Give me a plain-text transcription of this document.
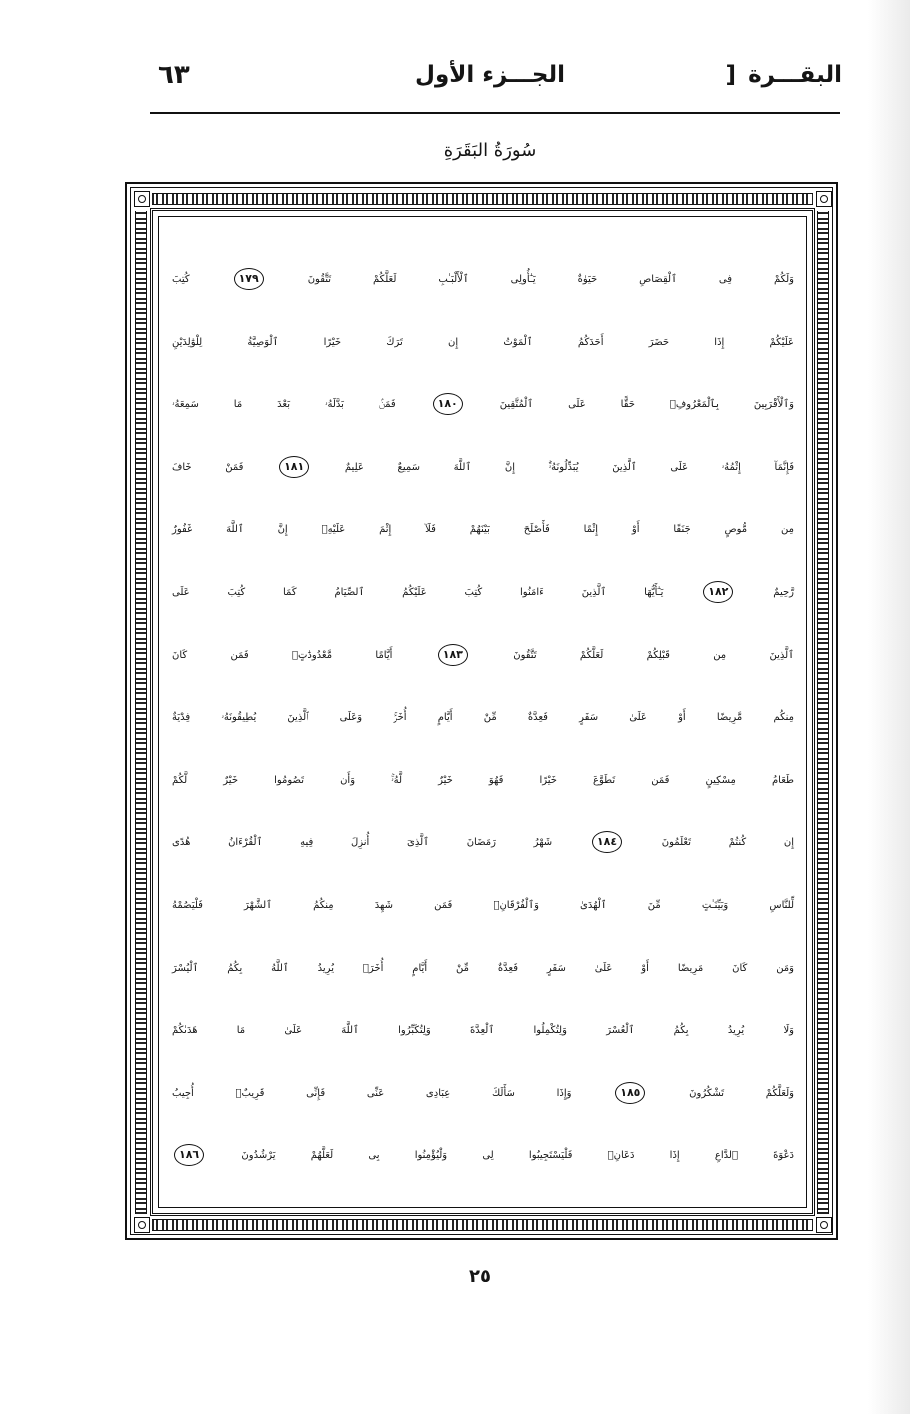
البقـــرة]
الجـــزء الأول
٦٣
سُورَةُ البَقَرَةِ
وَلَكُمْ فِى ٱلْقِصَاصِ حَيَوٰةٌ يَـٰٓأُولِى ٱلْأَلْبَـٰبِ لَعَلَّكُمْ تَتَّقُونَ ١٧٩ كُتِبَ
عَلَيْكُمْ إِذَا حَضَرَ أَحَدَكُمُ ٱلْمَوْتُ إِن تَرَكَ خَيْرًا ٱلْوَصِيَّةُ لِلْوَٰلِدَيْنِ
وَٱلْأَقْرَبِينَ بِٱلْمَعْرُوفِۚ حَقًّا عَلَى ٱلْمُتَّقِينَ ١٨٠ فَمَنۢ بَدَّلَهُۥ بَعْدَ مَا سَمِعَهُۥ
فَإِنَّمَآ إِثْمُهُۥ عَلَى ٱلَّذِينَ يُبَدِّلُونَهُۥٓۚ إِنَّ ٱللَّهَ سَمِيعٌ عَلِيمٌ ١٨١ فَمَنْ خَافَ
مِن مُّوصٍ جَنَفًا أَوْ إِثْمًا فَأَصْلَحَ بَيْنَهُمْ فَلَآ إِثْمَ عَلَيْهِۚ إِنَّ ٱللَّهَ غَفُورٌ
رَّحِيمٌ ١٨٢ يَـٰٓأَيُّهَا ٱلَّذِينَ ءَامَنُوا كُتِبَ عَلَيْكُمُ ٱلصِّيَامُ كَمَا كُتِبَ عَلَى
ٱلَّذِينَ مِن قَبْلِكُمْ لَعَلَّكُمْ تَتَّقُونَ ١٨٣ أَيَّامًا مَّعْدُودَٰتٍۚ فَمَن كَانَ
مِنكُم مَّرِيضًا أَوْ عَلَىٰ سَفَرٍ فَعِدَّةٌ مِّنْ أَيَّامٍ أُخَرَۚ وَعَلَى ٱلَّذِينَ يُطِيقُونَهُۥ فِدْيَةٌ
طَعَامُ مِسْكِينٍ فَمَن تَطَوَّعَ خَيْرًا فَهُوَ خَيْرٌ لَّهُۥۚ وَأَن تَصُومُوا خَيْرٌ لَّكُمْ
إِن كُنتُمْ تَعْلَمُونَ ١٨٤ شَهْرُ رَمَضَانَ ٱلَّذِىٓ أُنزِلَ فِيهِ ٱلْقُرْءَانُ هُدًى
لِّلنَّاسِ وَبَيِّنَـٰتٍ مِّنَ ٱلْهُدَىٰ وَٱلْفُرْقَانِۚ فَمَن شَهِدَ مِنكُمُ ٱلشَّهْرَ فَلْيَصُمْهُ
وَمَن كَانَ مَرِيضًا أَوْ عَلَىٰ سَفَرٍ فَعِدَّةٌ مِّنْ أَيَّامٍ أُخَرَۚ يُرِيدُ ٱللَّهُ بِكُمُ ٱلْيُسْرَ
وَلَا يُرِيدُ بِكُمُ ٱلْعُسْرَ وَلِتُكْمِلُوا ٱلْعِدَّةَ وَلِتُكَبِّرُوا ٱللَّهَ عَلَىٰ مَا هَدَىٰكُمْ
وَلَعَلَّكُمْ تَشْكُرُونَ ١٨٥ وَإِذَا سَأَلَكَ عِبَادِى عَنِّى فَإِنِّى قَرِيبٌۚ أُجِيبُ
دَعْوَةَ ٱلدَّاعِ إِذَا دَعَانِۚ فَلْيَسْتَجِيبُوا لِى وَلْيُؤْمِنُوا بِى لَعَلَّهُمْ يَرْشُدُونَ ١٨٦
٢٥
